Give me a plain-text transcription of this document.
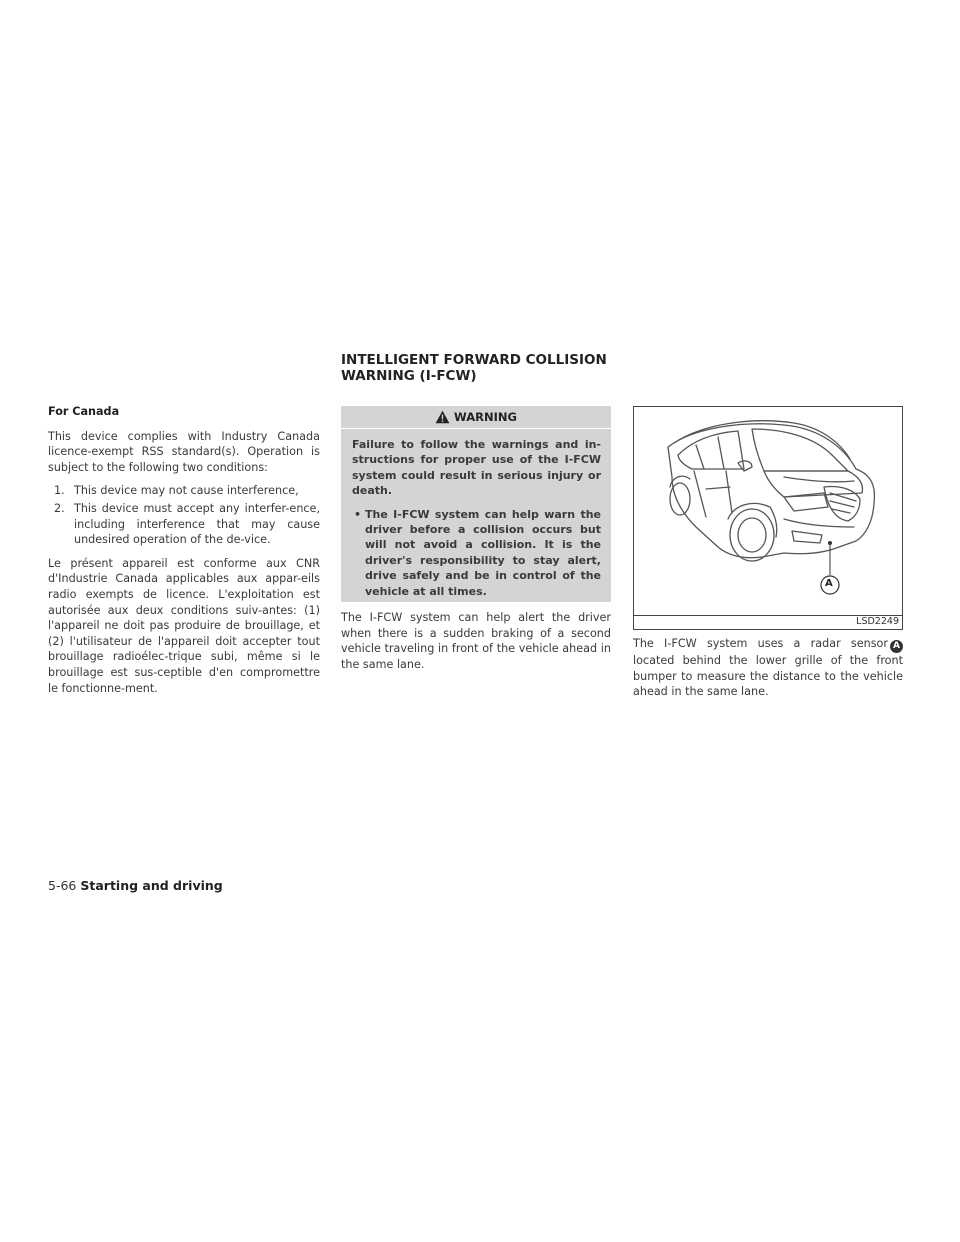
INTELLIGENT FORWARD COLLISION
WARNING (I-FCW)

For Canada

This device complies with Industry Canada licence-exempt RSS standard(s). Operation is subject to the following two conditions:

1. This device may not cause interference,
2. This device must accept any interfer-ence, including interference that may cause undesired operation of the de-vice.

Le présent appareil est conforme aux CNR d'Industrie Canada applicables aux appar-eils radio exempts de licence. L'exploitation est autorisée aux deux conditions suiv-antes: (1) l'appareil ne doit pas produire de brouillage, et (2) l'utilisateur de l'appareil doit accepter tout brouillage radioélec-trique subi, même si le brouillage est sus-ceptible d'en compromettre le fonctionne-ment.

WARNING

Failure to follow the warnings and in-structions for proper use of the I-FCW system could result in serious injury or death.

• The I-FCW system can help warn the driver before a collision occurs but will not avoid a collision. It is the driver's responsibility to stay alert, drive safely and be in control of the vehicle at all times.

The I-FCW system can help alert the driver when there is a sudden braking of a second vehicle traveling in front of the vehicle ahead in the same lane.

A
LSD2249

The I-FCW system uses a radar sensor A located behind the lower grille of the front bumper to measure the distance to the vehicle ahead in the same lane.

5-66 Starting and driving
